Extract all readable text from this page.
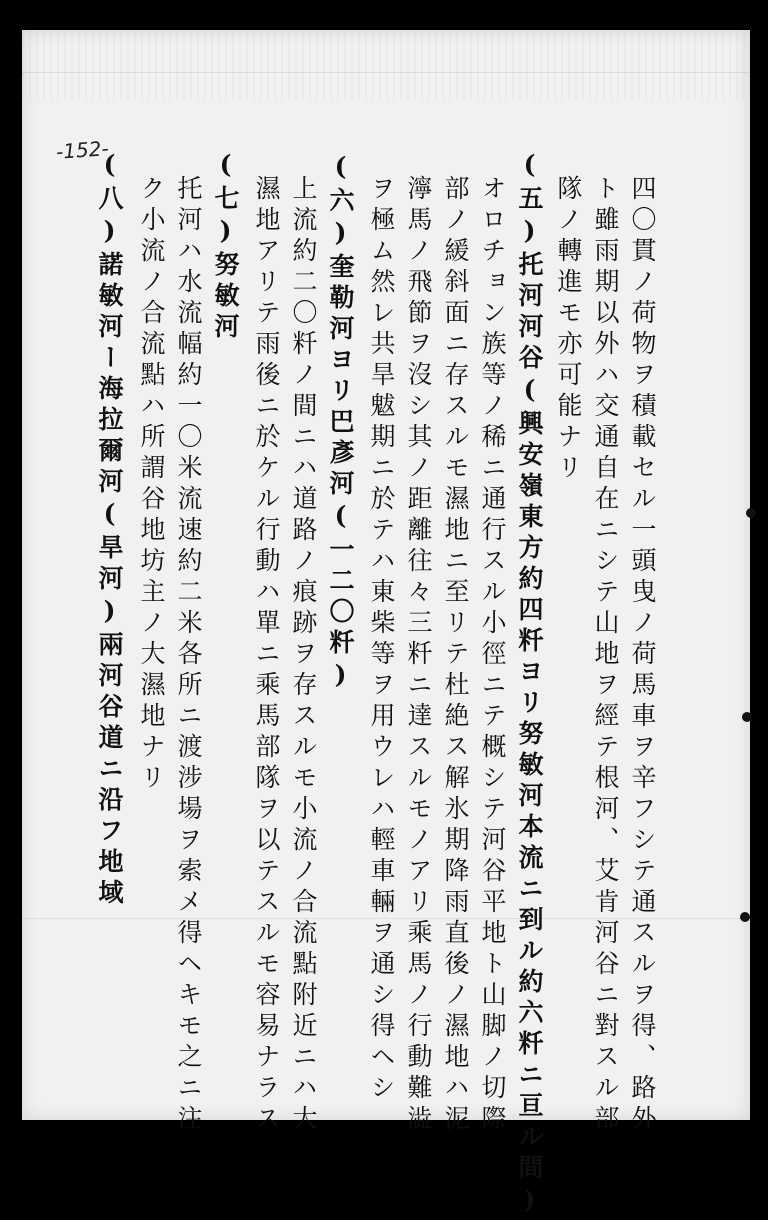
-152-
四〇貫ノ荷物ヲ積載セル一頭曳ノ荷馬車ヲ辛フシテ通スルヲ得、路外
ト雖雨期以外ハ交通自在ニシテ山地ヲ經テ根河、艾肯河谷ニ對スル部
隊ノ轉進モ亦可能ナリ
(五)托河河谷(興安嶺東方約四粁ヨリ努敏河本流ニ到ル約六粁ニ亘ル間)
オロチョン族等ノ稀ニ通行スル小徑ニテ概シテ河谷平地ト山脚ノ切際
部ノ緩斜面ニ存スルモ濕地ニ至リテ杜絶ス解氷期降雨直後ノ濕地ハ泥
濘馬ノ飛節ヲ沒シ其ノ距離往々三粁ニ達スルモノアリ乘馬ノ行動難澁
ヲ極ム然レ共旱魃期ニ於テハ東柴等ヲ用ウレハ輕車輛ヲ通シ得ヘシ
(六)奎勒河ヨリ巴彥河(一二〇粁)
上流約二〇粁ノ間ニハ道路ノ痕跡ヲ存スルモ小流ノ合流點附近ニハ大
濕地アリテ雨後ニ於ケル行動ハ單ニ乘馬部隊ヲ以テスルモ容易ナラス
(七)努敏河
托河ハ水流幅約一〇米流速約二米各所ニ渡涉場ヲ索メ得ヘキモ之ニ注
ク小流ノ合流點ハ所謂谷地坊主ノ大濕地ナリ
(八)諾敏河ー海拉爾河(旱河)兩河谷道ニ沿フ地域
